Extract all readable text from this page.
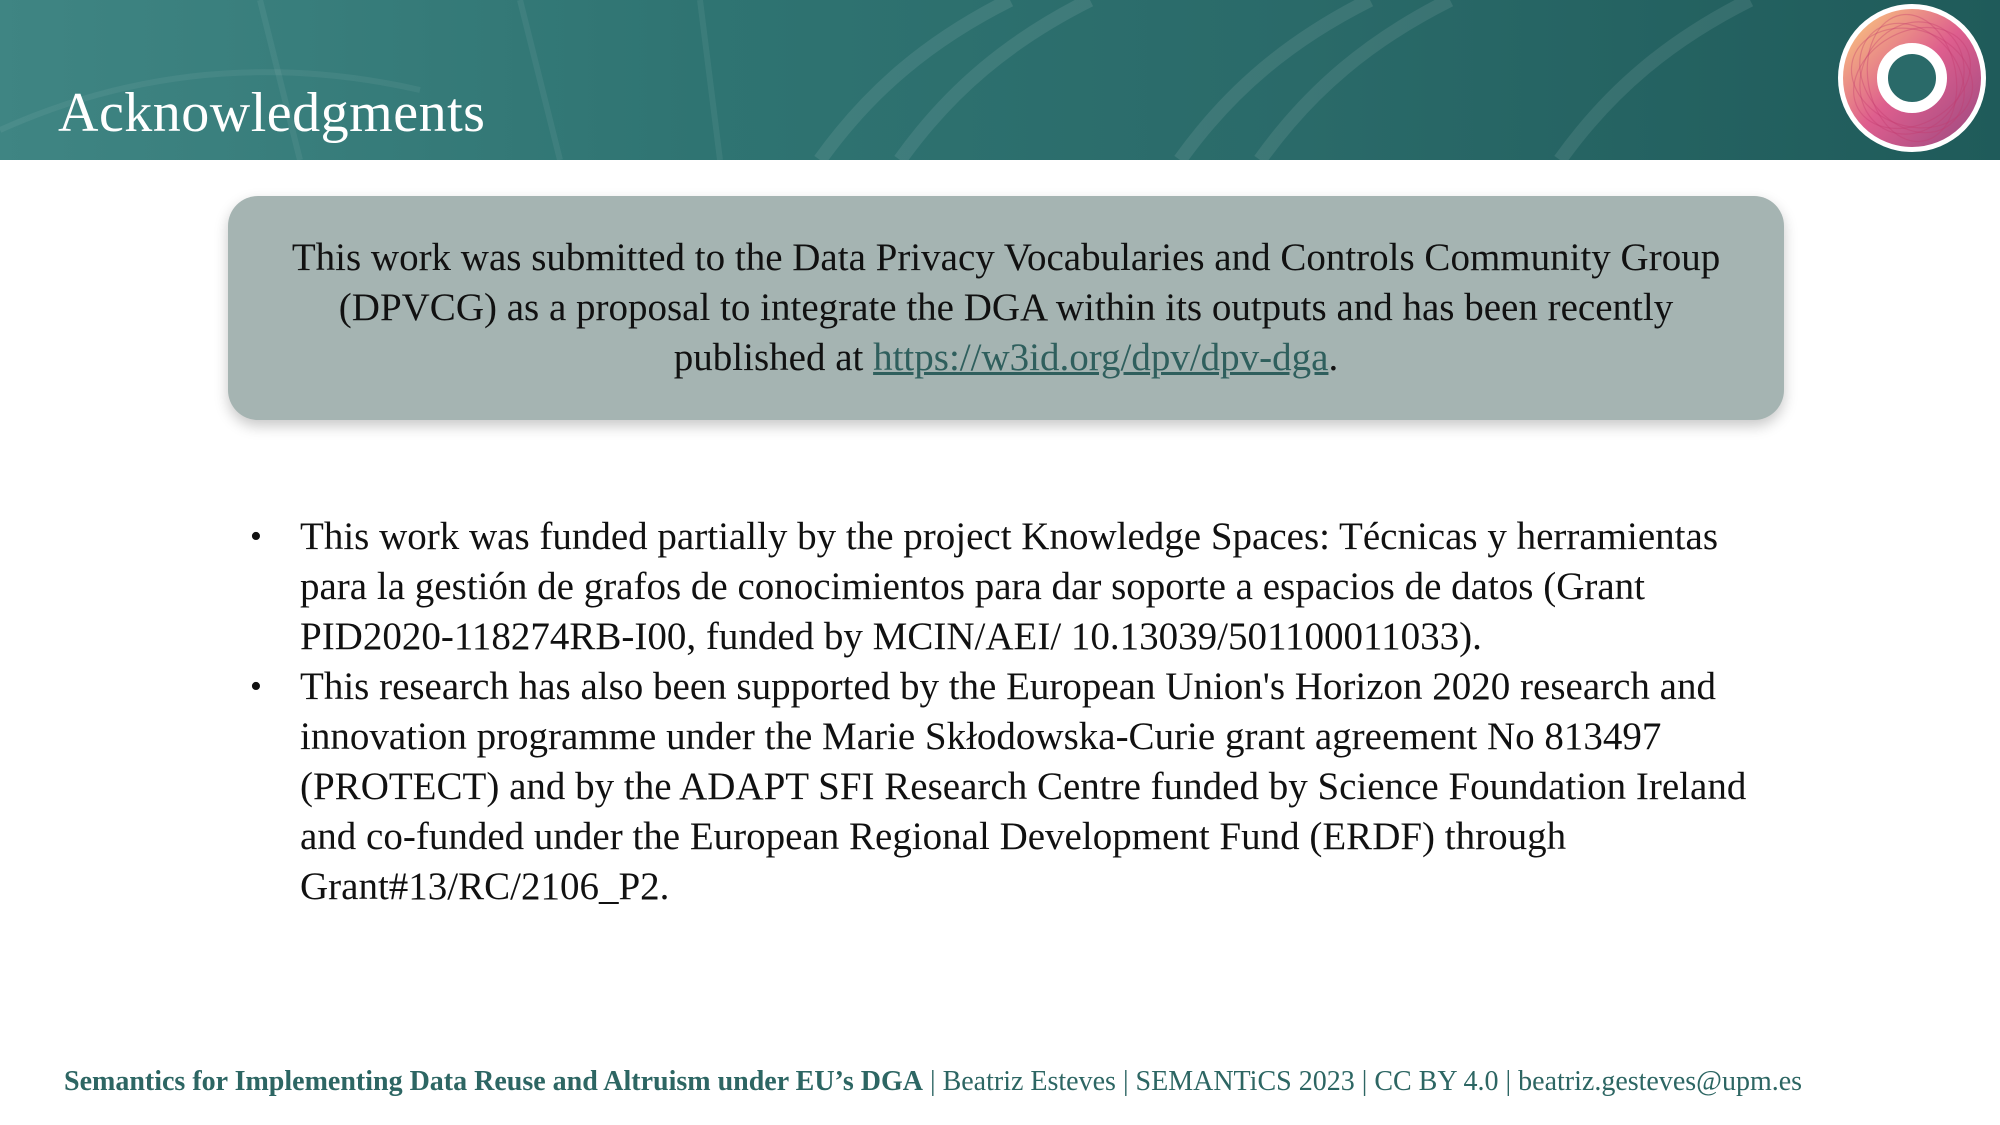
Acknowledgments
This work was submitted to the Data Privacy Vocabularies and Controls Community Group (DPVCG) as a proposal to integrate the DGA within its outputs and has been recently published at https://w3id.org/dpv/dpv-dga.
• This work was funded partially by the project Knowledge Spaces: Técnicas y herramientas para la gestión de grafos de conocimientos para dar soporte a espacios de datos (Grant PID2020-118274RB-I00, funded by MCIN/AEI/ 10.13039/501100011033).
• This research has also been supported by the European Union's Horizon 2020 research and innovation programme under the Marie Skłodowska-Curie grant agreement No 813497 (PROTECT) and by the ADAPT SFI Research Centre funded by Science Foundation Ireland and co-funded under the European Regional Development Fund (ERDF) through Grant#13/RC/2106_P2.
Semantics for Implementing Data Reuse and Altruism under EU’s DGA | Beatriz Esteves | SEMANTiCS 2023 | CC BY 4.0 | beatriz.gesteves@upm.es
